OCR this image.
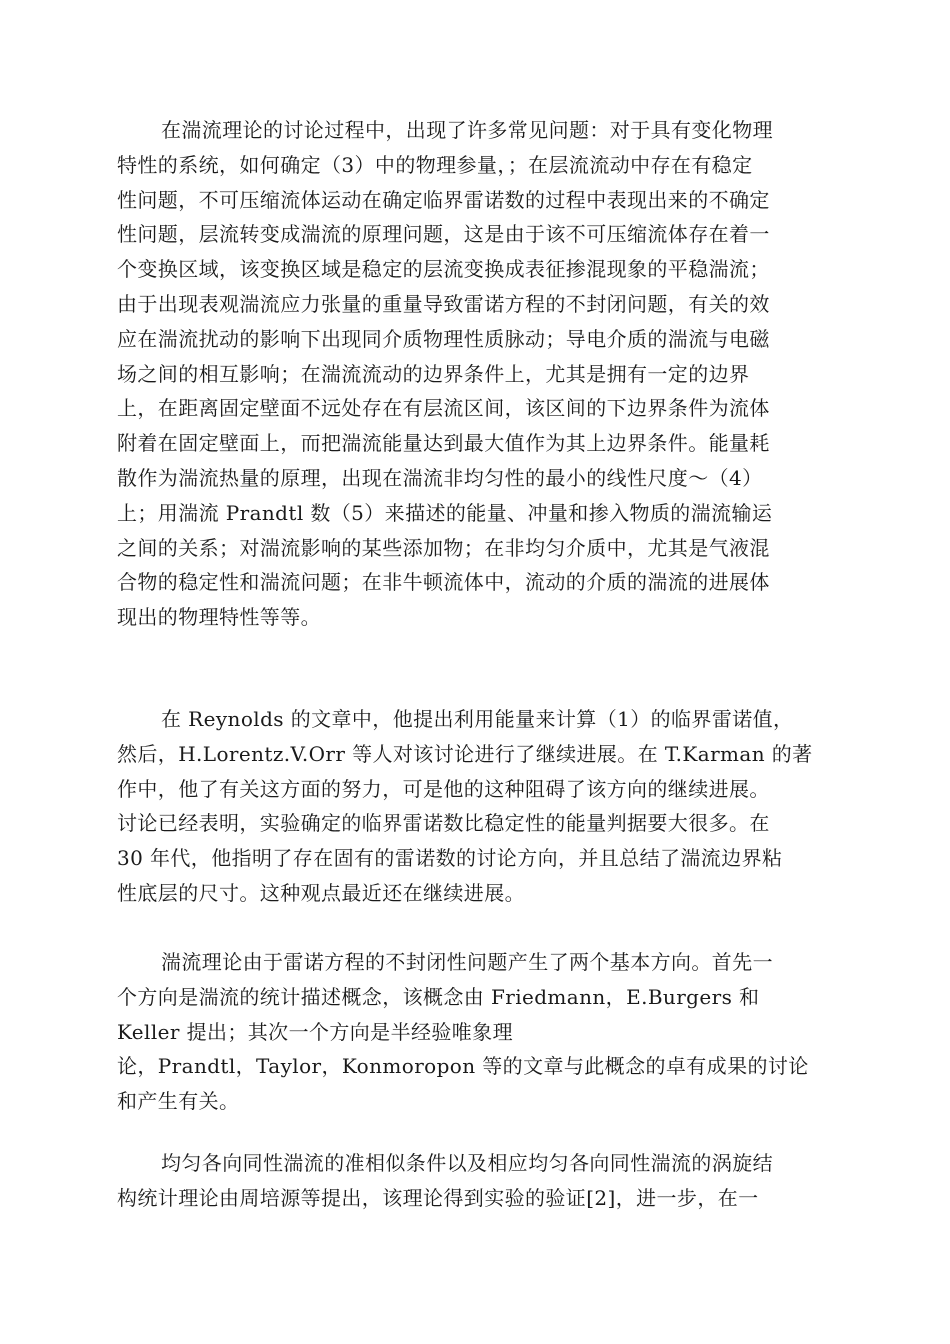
在湍流理论的讨论过程中，出现了许多常见问题：对于具有变化物理
特性的系统，如何确定（3）中的物理参量，；在层流流动中存在有稳定
性问题，不可压缩流体运动在确定临界雷诺数的过程中表现出来的不确定
性问题，层流转变成湍流的原理问题，这是由于该不可压缩流体存在着一
个变换区域，该变换区域是稳定的层流变换成表征掺混现象的平稳湍流；
由于出现表观湍流应力张量的重量导致雷诺方程的不封闭问题，有关的效
应在湍流扰动的影响下出现同介质物理性质脉动；导电介质的湍流与电磁
场之间的相互影响；在湍流流动的边界条件上，尤其是拥有一定的边界
上，在距离固定壁面不远处存在有层流区间，该区间的下边界条件为流体
附着在固定壁面上，而把湍流能量达到最大值作为其上边界条件。能量耗
散作为湍流热量的原理，出现在湍流非均匀性的最小的线性尺度～（4）
上；用湍流 Prandtl 数（5）来描述的能量、冲量和掺入物质的湍流输运
之间的关系；对湍流影响的某些添加物；在非均匀介质中，尤其是气液混
合物的稳定性和湍流问题；在非牛顿流体中，流动的介质的湍流的进展体
现出的物理特性等等。
在 Reynolds 的文章中，他提出利用能量来计算（1）的临界雷诺值，
然后，H.Lorentz.V.Orr 等人对该讨论进行了继续进展。在 T.Karman 的著
作中，他了有关这方面的努力，可是他的这种阻碍了该方向的继续进展。
讨论已经表明，实验确定的临界雷诺数比稳定性的能量判据要大很多。在
30 年代，他指明了存在固有的雷诺数的讨论方向，并且总结了湍流边界粘
性底层的尺寸。这种观点最近还在继续进展。
湍流理论由于雷诺方程的不封闭性问题产生了两个基本方向。首先一
个方向是湍流的统计描述概念，该概念由 Friedmann，E.Burgers 和
Keller 提出；其次一个方向是半经验唯象理
论，Prandtl，Taylor，Konmoropon 等的文章与此概念的卓有成果的讨论
和产生有关。
均匀各向同性湍流的准相似条件以及相应均匀各向同性湍流的涡旋结
构统计理论由周培源等提出，该理论得到实验的验证[2]，进一步，在一
